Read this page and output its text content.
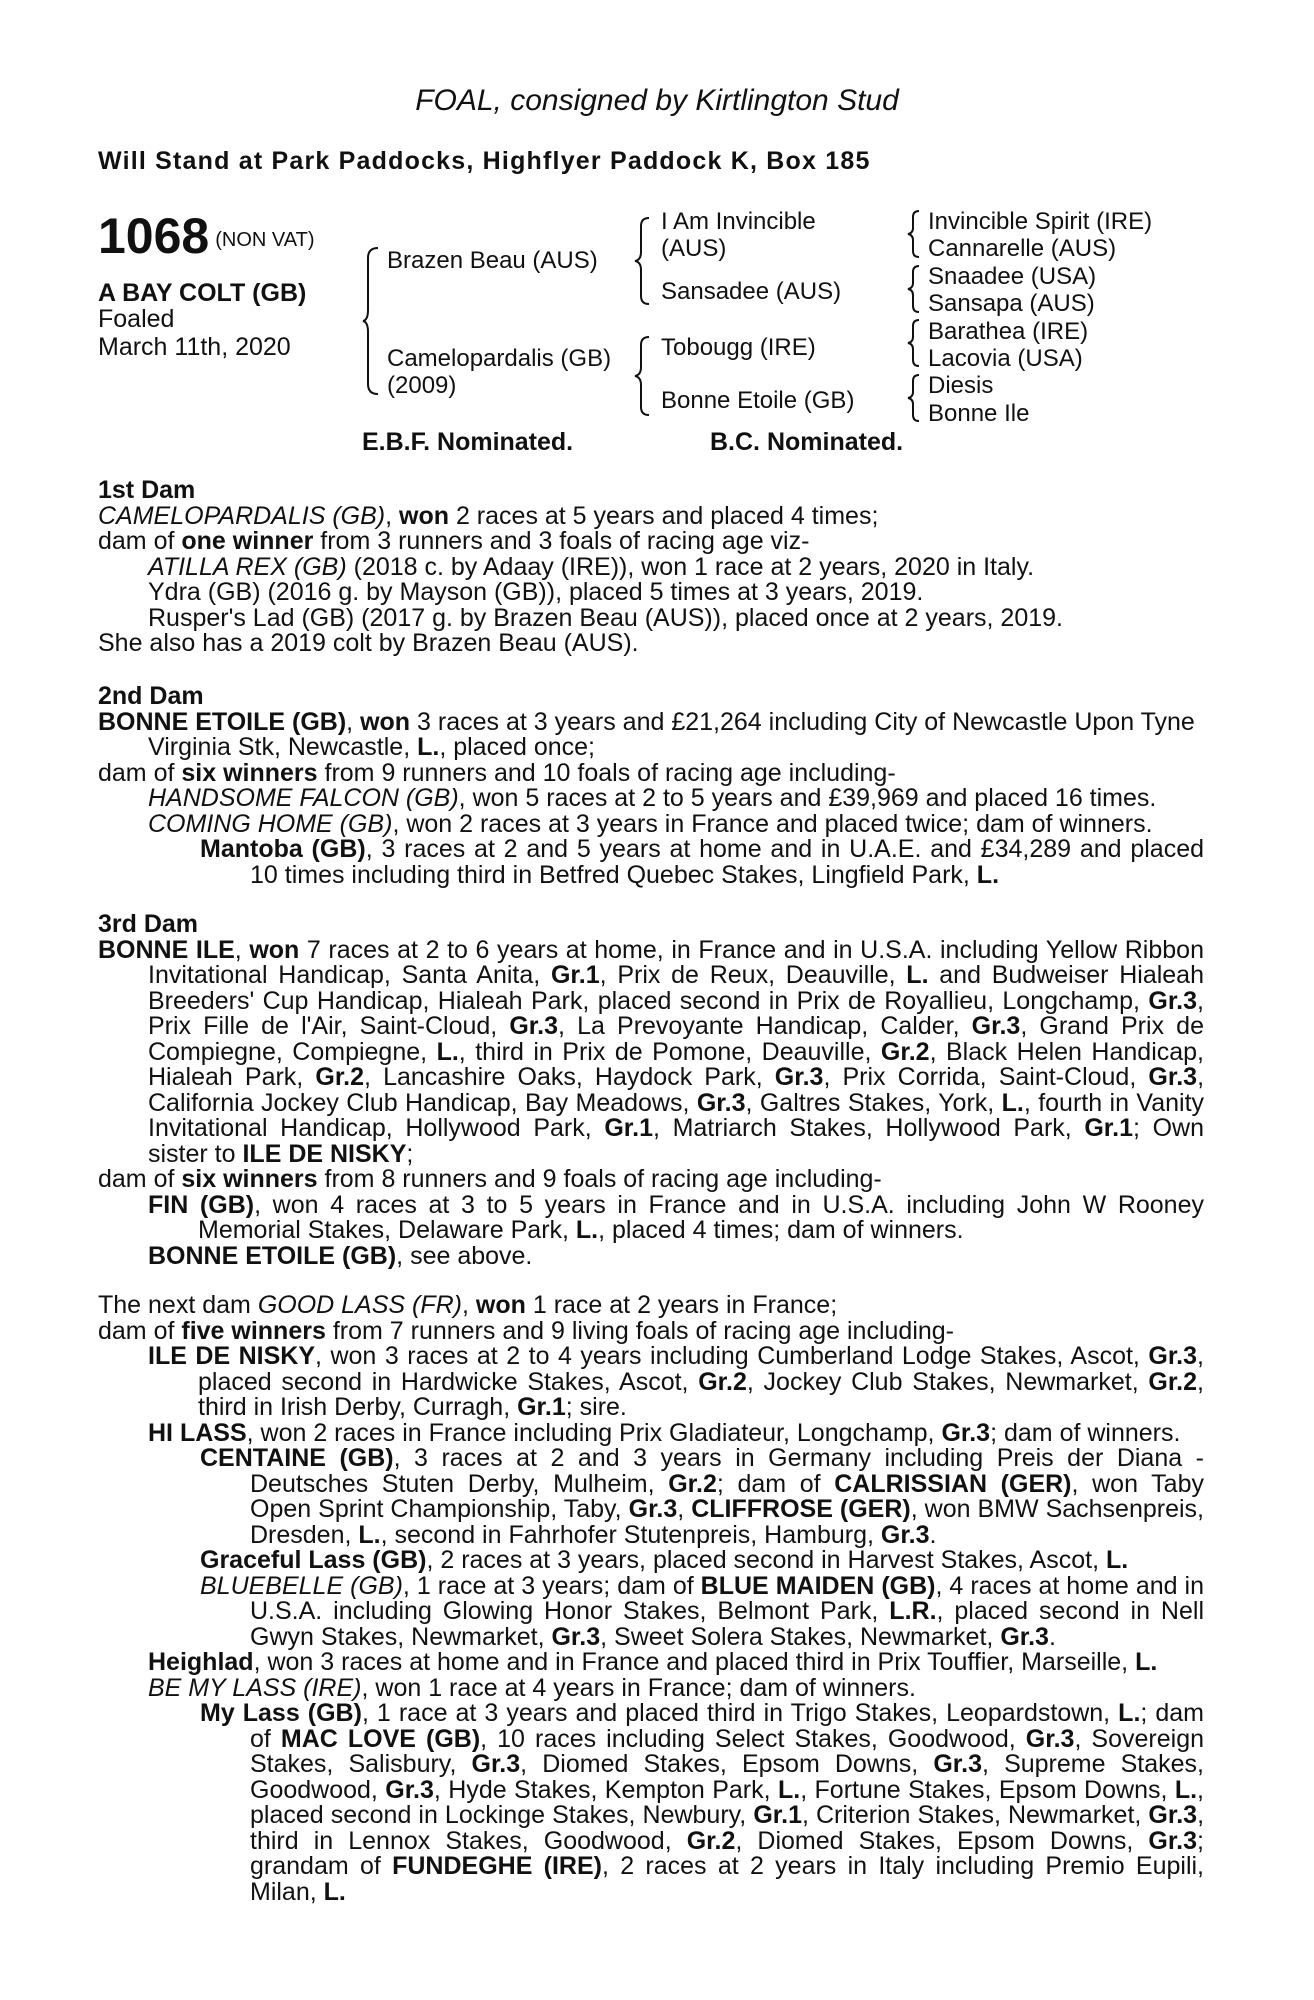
FOAL, consigned by Kirtlington Stud
Will Stand at Park Paddocks, Highflyer Paddock K, Box 185
1068 (NON VAT)
A BAY COLT (GB)
Foaled
March 11th, 2020
Brazen Beau (AUS)
Camelopardalis (GB)
(2009)
I Am Invincible
(AUS)
Sansadee (AUS)
Tobougg (IRE)
Bonne Etoile (GB)
Invincible Spirit (IRE)
Cannarelle (AUS)
Snaadee (USA)
Sansapa (AUS)
Barathea (IRE)
Lacovia (USA)
Diesis
Bonne Ile
E.B.F. Nominated.	B.C. Nominated.

1st Dam

CAMELOPARDALIS (GB), won 2 races at 5 years and placed 4 times;

dam of one winner from 3 runners and 3 foals of racing age viz-

ATILLA REX (GB) (2018 c. by Adaay (IRE)), won 1 race at 2 years, 2020 in Italy.

Ydra (GB) (2016 g. by Mayson (GB)), placed 5 times at 3 years, 2019.

Rusper's Lad (GB) (2017 g. by Brazen Beau (AUS)), placed once at 2 years, 2019.

She also has a 2019 colt by Brazen Beau (AUS).

2nd Dam

BONNE ETOILE (GB), won 3 races at 3 years and £21,264 including City of Newcastle Upon Tyne Virginia Stk, Newcastle, L., placed once;

dam of six winners from 9 runners and 10 foals of racing age including-

HANDSOME FALCON (GB), won 5 races at 2 to 5 years and £39,969 and placed 16 times.

COMING HOME (GB), won 2 races at 3 years in France and placed twice; dam of winners.

Mantoba (GB), 3 races at 2 and 5 years at home and in U.A.E. and £34,289 and placed 10 times including third in Betfred Quebec Stakes, Lingfield Park, L.

3rd Dam

BONNE ILE, won 7 races at 2 to 6 years at home, in France and in U.S.A. including Yellow Ribbon Invitational Handicap, Santa Anita, Gr.1, Prix de Reux, Deauville, L. and Budweiser Hialeah Breeders' Cup Handicap, Hialeah Park, placed second in Prix de Royallieu, Longchamp, Gr.3, Prix Fille de l'Air, Saint-Cloud, Gr.3, La Prevoyante Handicap, Calder, Gr.3, Grand Prix de Compiegne, Compiegne, L., third in Prix de Pomone, Deauville, Gr.2, Black Helen Handicap, Hialeah Park, Gr.2, Lancashire Oaks, Haydock Park, Gr.3, Prix Corrida, Saint-Cloud, Gr.3, California Jockey Club Handicap, Bay Meadows, Gr.3, Galtres Stakes, York, L., fourth in Vanity Invitational Handicap, Hollywood Park, Gr.1, Matriarch Stakes, Hollywood Park, Gr.1; Own sister to ILE DE NISKY;

dam of six winners from 8 runners and 9 foals of racing age including-

FIN (GB), won 4 races at 3 to 5 years in France and in U.S.A. including John W Rooney Memorial Stakes, Delaware Park, L., placed 4 times; dam of winners.

BONNE ETOILE (GB), see above.

The next dam GOOD LASS (FR), won 1 race at 2 years in France;

dam of five winners from 7 runners and 9 living foals of racing age including-

ILE DE NISKY, won 3 races at 2 to 4 years including Cumberland Lodge Stakes, Ascot, Gr.3, placed second in Hardwicke Stakes, Ascot, Gr.2, Jockey Club Stakes, Newmarket, Gr.2, third in Irish Derby, Curragh, Gr.1; sire.

HI LASS, won 2 races in France including Prix Gladiateur, Longchamp, Gr.3; dam of winners.

CENTAINE (GB), 3 races at 2 and 3 years in Germany including Preis der Diana - Deutsches Stuten Derby, Mulheim, Gr.2; dam of CALRISSIAN (GER), won Taby Open Sprint Championship, Taby, Gr.3, CLIFFROSE (GER), won BMW Sachsenpreis, Dresden, L., second in Fahrhofer Stutenpreis, Hamburg, Gr.3.

Graceful Lass (GB), 2 races at 3 years, placed second in Harvest Stakes, Ascot, L.

BLUEBELLE (GB), 1 race at 3 years; dam of BLUE MAIDEN (GB), 4 races at home and in U.S.A. including Glowing Honor Stakes, Belmont Park, L.R., placed second in Nell Gwyn Stakes, Newmarket, Gr.3, Sweet Solera Stakes, Newmarket, Gr.3.

Heighlad, won 3 races at home and in France and placed third in Prix Touffier, Marseille, L.

BE MY LASS (IRE), won 1 race at 4 years in France; dam of winners.

My Lass (GB), 1 race at 3 years and placed third in Trigo Stakes, Leopardstown, L.; dam of MAC LOVE (GB), 10 races including Select Stakes, Goodwood, Gr.3, Sovereign Stakes, Salisbury, Gr.3, Diomed Stakes, Epsom Downs, Gr.3, Supreme Stakes, Goodwood, Gr.3, Hyde Stakes, Kempton Park, L., Fortune Stakes, Epsom Downs, L., placed second in Lockinge Stakes, Newbury, Gr.1, Criterion Stakes, Newmarket, Gr.3, third in Lennox Stakes, Goodwood, Gr.2, Diomed Stakes, Epsom Downs, Gr.3; grandam of FUNDEGHE (IRE), 2 races at 2 years in Italy including Premio Eupili, Milan, L.
